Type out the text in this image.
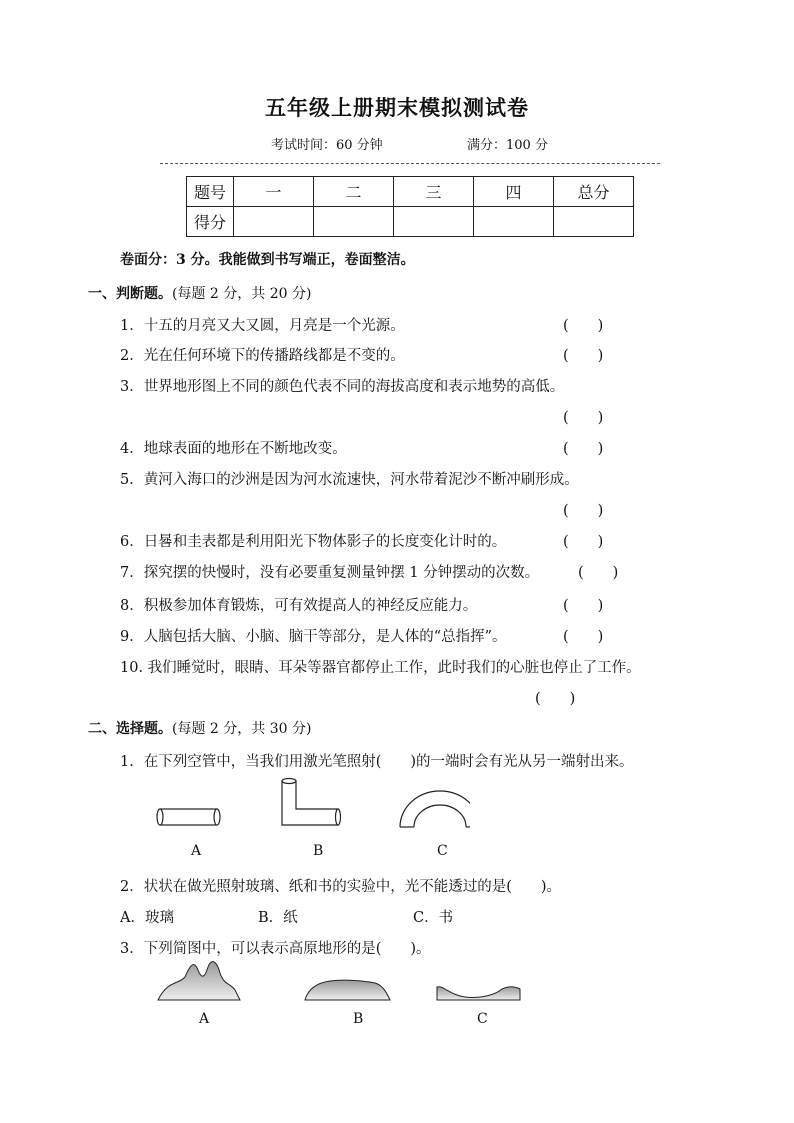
五年级上册期末模拟测试卷
考试时间：60 分钟	满分：100 分
题号	一	二	三	四	总分
得分					
卷面分：3 分。我能做到书写端正，卷面整洁。
一、判断题。(每题 2 分，共 20 分)
1．十五的月亮又大又圆，月亮是一个光源。	(　　)
2．光在任何环境下的传播路线都是不变的。	(　　)
3．世界地形图上不同的颜色代表不同的海拔高度和表示地势的高低。
(　　)
4．地球表面的地形在不断地改变。	(　　)
5．黄河入海口的沙洲是因为河水流速快，河水带着泥沙不断冲刷形成。
(　　)
6．日晷和圭表都是利用阳光下物体影子的长度变化计时的。	(　　)
7．探究摆的快慢时，没有必要重复测量钟摆 1 分钟摆动的次数。	(　　)
8．积极参加体育锻炼，可有效提高人的神经反应能力。	(　　)
9．人脑包括大脑、小脑、脑干等部分，是人体的“总指挥”。	(　　)
10. 我们睡觉时，眼睛、耳朵等器官都停止工作，此时我们的心脏也停止了工作。
(　　)
二、选择题。(每题 2 分，共 30 分)
1．在下列空管中，当我们用激光笔照射(　　)的一端时会有光从另一端射出来。
A	B	C
2．状状在做光照射玻璃、纸和书的实验中，光不能透过的是(　　)。
A．玻璃	B．纸	C．书
3．下列简图中，可以表示高原地形的是(　　)。
A	B	C
